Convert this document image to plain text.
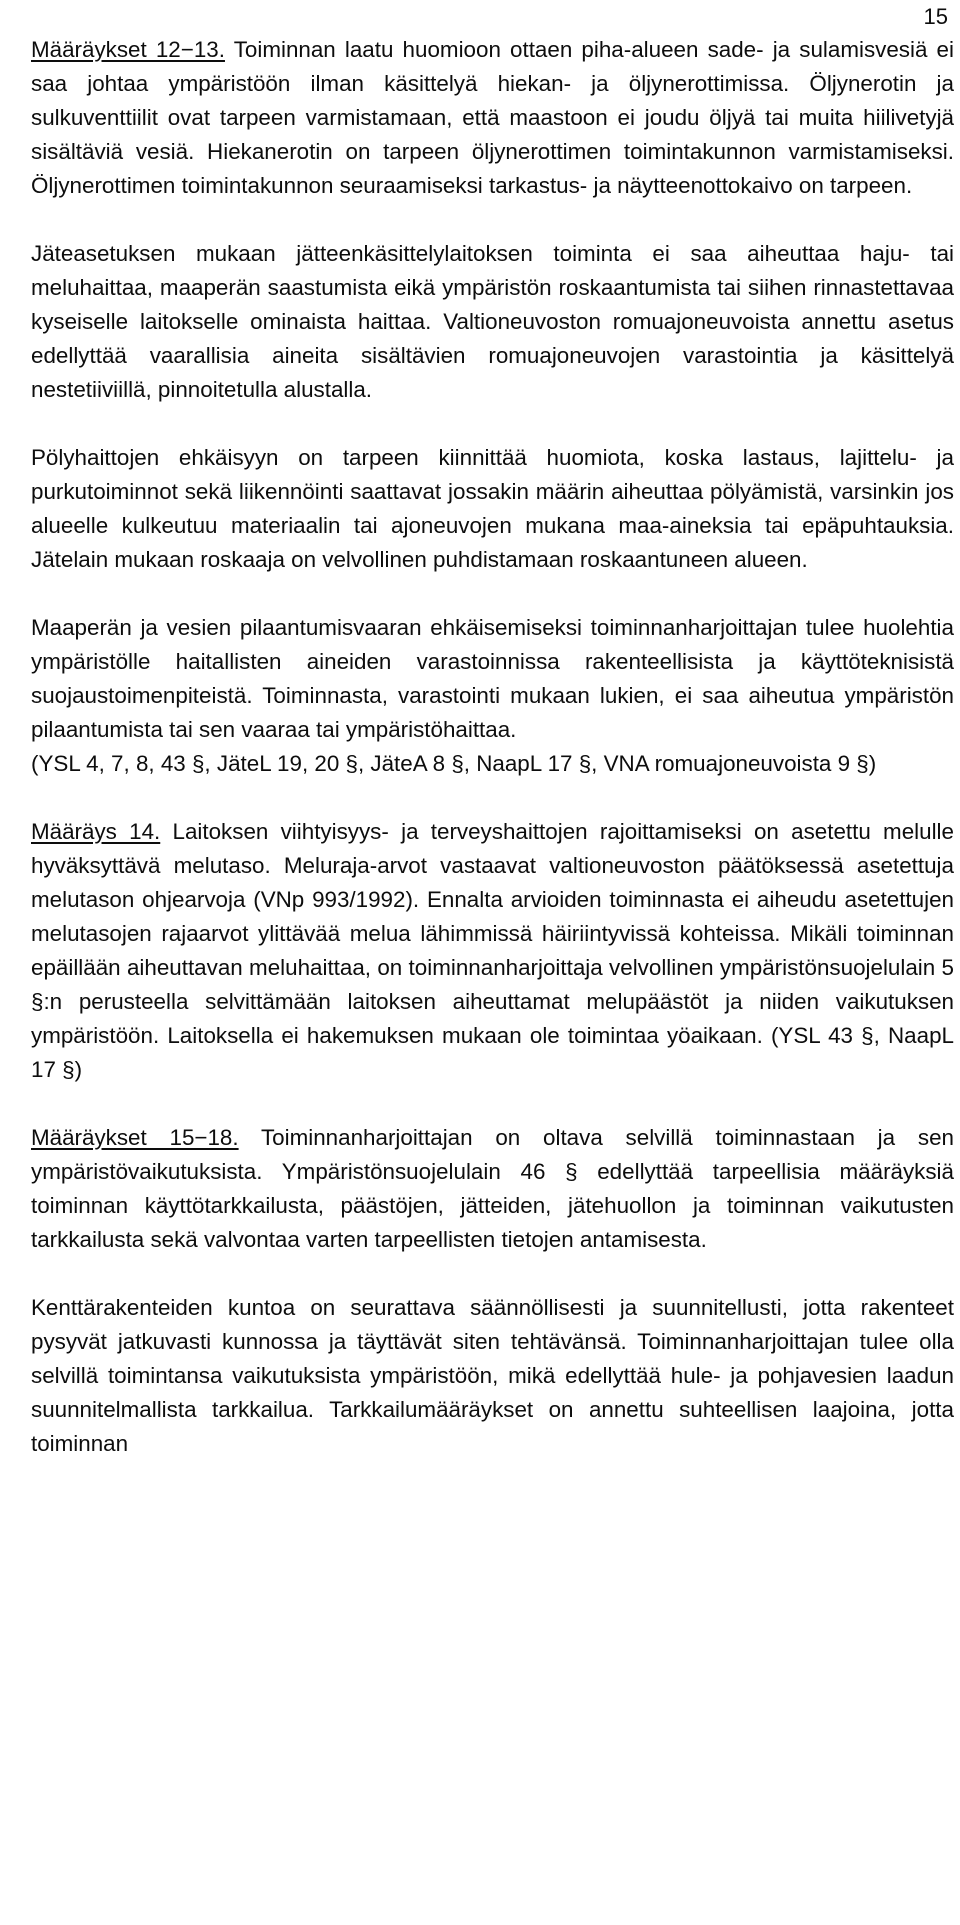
15

Määräykset 12−13. Toiminnan laatu huomioon ottaen piha-alueen sade- ja sulamisvesiä ei saa johtaa ympäristöön ilman käsittelyä hiekan- ja öljynerottimissa. Öljynerotin ja sulkuventtiilit ovat tarpeen varmistamaan, että maastoon ei joudu öljyä tai muita hiilivetyjä sisältäviä vesiä. Hiekanerotin on tarpeen öljynerottimen toimintakunnon varmistamiseksi. Öljynerottimen toimintakunnon seuraamiseksi tarkastus- ja näytteenottokaivo on tarpeen.

Jäteasetuksen mukaan jätteenkäsittelylaitoksen toiminta ei saa aiheuttaa haju- tai meluhaittaa, maaperän saastumista eikä ympäristön roskaantumista tai siihen rinnastettavaa kyseiselle laitokselle ominaista haittaa. Valtioneuvoston romuajoneuvoista annettu asetus edellyttää vaarallisia aineita sisältävien romuajoneuvojen varastointia ja käsittelyä nestetiiviillä, pinnoitetulla alustalla.

Pölyhaittojen ehkäisyyn on tarpeen kiinnittää huomiota, koska lastaus, lajittelu- ja purkutoiminnot sekä liikennöinti saattavat jossakin määrin aiheuttaa pölyämistä, varsinkin jos alueelle kulkeutuu materiaalin tai ajoneuvojen mukana maa-aineksia tai epäpuhtauksia. Jätelain mukaan roskaaja on velvollinen puhdistamaan roskaantuneen alueen.

Maaperän ja vesien pilaantumisvaaran ehkäisemiseksi toiminnanharjoittajan tulee huolehtia ympäristölle haitallisten aineiden varastoinnissa rakenteellisista ja käyttöteknisistä suojaustoimenpiteistä. Toiminnasta, varastointi mukaan lukien, ei saa aiheutua ympäristön pilaantumista tai sen vaaraa tai ympäristöhaittaa.

(YSL 4, 7, 8, 43 §, JäteL 19, 20 §, JäteA 8 §, NaapL 17 §, VNA romuajoneuvoista 9 §)

Määräys 14. Laitoksen viihtyisyys- ja terveyshaittojen rajoittamiseksi on asetettu melulle hyväksyttävä melutaso. Meluraja-arvot vastaavat valtioneuvoston päätöksessä asetettuja melutason ohjearvoja (VNp 993/1992). Ennalta arvioiden toiminnasta ei aiheudu asetettujen melutasojen rajaarvot ylittävää melua lähimmissä häiriintyvissä kohteissa. Mikäli toiminnan epäillään aiheuttavan meluhaittaa, on toiminnanharjoittaja velvollinen ympäristönsuojelulain 5 §:n perusteella selvittämään laitoksen aiheuttamat melupäästöt ja niiden vaikutuksen ympäristöön. Laitoksella ei hakemuksen mukaan ole toimintaa yöaikaan. (YSL 43 §, NaapL 17 §)

Määräykset 15−18. Toiminnanharjoittajan on oltava selvillä toiminnastaan ja sen ympäristövaikutuksista. Ympäristönsuojelulain 46 § edellyttää tarpeellisia määräyksiä toiminnan käyttötarkkailusta, päästöjen, jätteiden, jätehuollon ja toiminnan vaikutusten tarkkailusta sekä valvontaa varten tarpeellisten tietojen antamisesta.

Kenttärakenteiden kuntoa on seurattava säännöllisesti ja suunnitellusti, jotta rakenteet pysyvät jatkuvasti kunnossa ja täyttävät siten tehtävänsä. Toiminnanharjoittajan tulee olla selvillä toimintansa vaikutuksista ympäristöön, mikä edellyttää hule- ja pohjavesien laadun suunnitelmallista tarkkailua. Tarkkailumääräykset on annettu suhteellisen laajoina, jotta toiminnan
